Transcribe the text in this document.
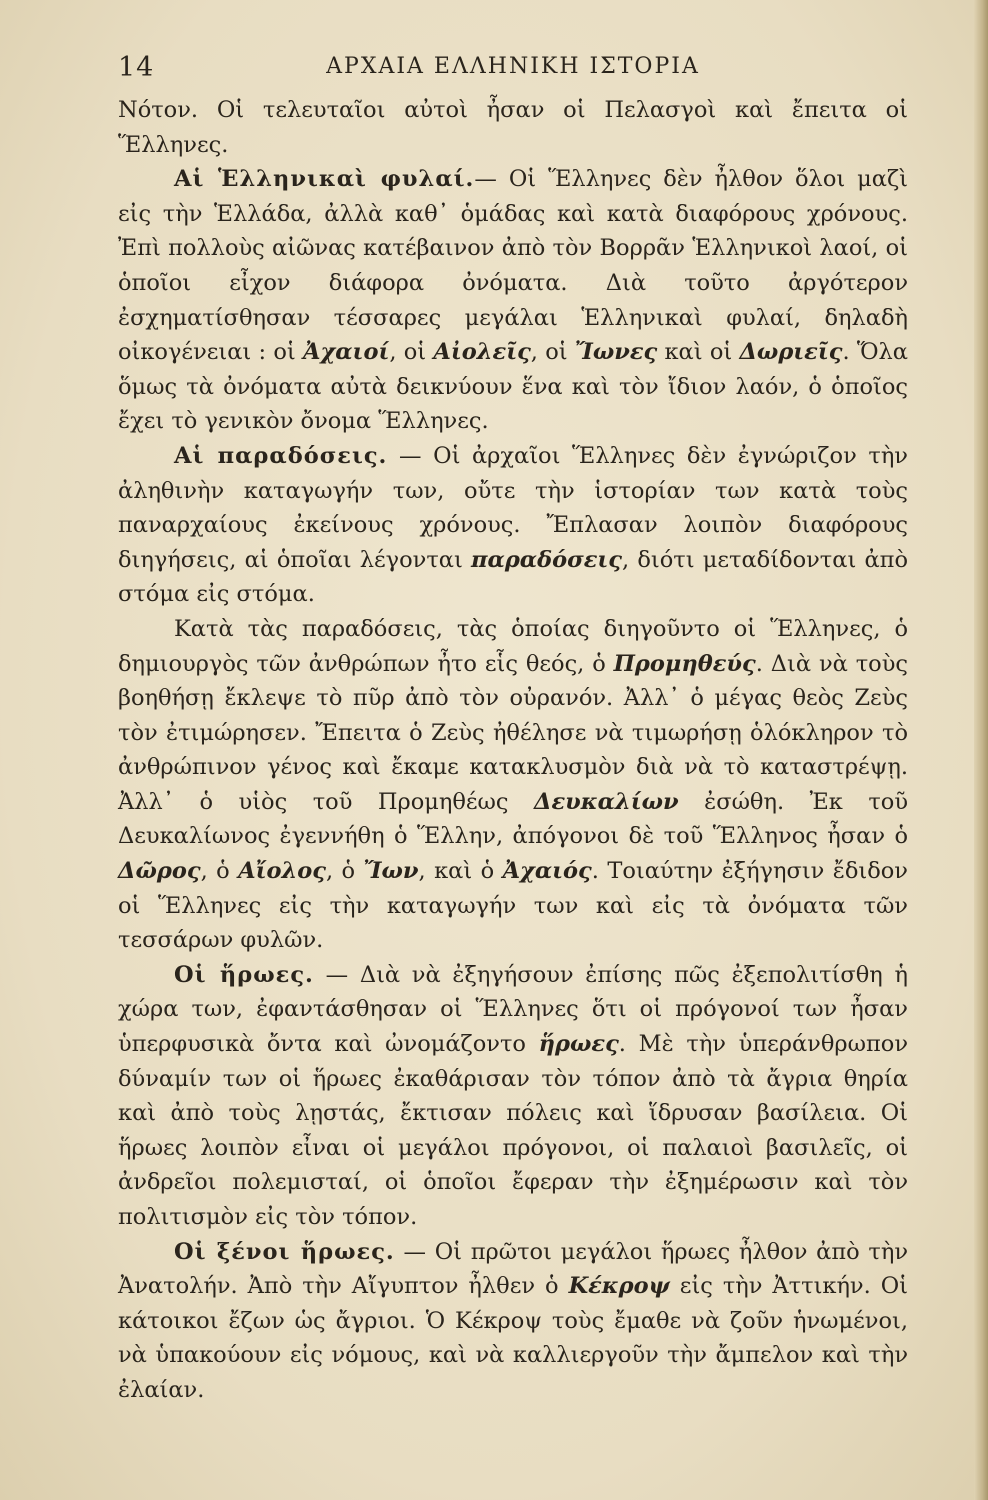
14	ΑΡΧΑΙΑ ΕΛΛΗΝΙΚΗ ΙΣΤΟΡΙΑ

Νότον. Οἱ τελευταῖοι αὐτοὶ ἦσαν οἱ Πελασγοὶ καὶ ἔπειτα οἱ Ἕλληνες.

Αἱ Ἑλληνικαὶ φυλαί.— Οἱ Ἕλληνες δὲν ἦλθον ὅλοι μαζὶ εἰς τὴν Ἑλλάδα, ἀλλὰ καθ᾽ ὁμάδας καὶ κατὰ διαφόρους χρόνους. Ἐπὶ πολλοὺς αἰῶνας κατέβαινον ἀπὸ τὸν Βορρᾶν Ἑλληνικοὶ λαοί, οἱ ὁποῖοι εἶχον διάφορα ὀνόματα. Διὰ τοῦτο ἀργότερον ἐσχηματίσθησαν τέσσαρες μεγάλαι Ἑλληνικαὶ φυλαί, δηλαδὴ οἰκογένειαι : οἱ Ἀχαιοί, οἱ Αἰολεῖς, οἱ Ἴωνες καὶ οἱ Δωριεῖς. Ὅλα ὅμως τὰ ὀνόματα αὐτὰ δεικνύουν ἕνα καὶ τὸν ἴδιον λαόν, ὁ ὁποῖος ἔχει τὸ γενικὸν ὄνομα Ἕλληνες.

Αἱ παραδόσεις. — Οἱ ἀρχαῖοι Ἕλληνες δὲν ἐγνώριζον τὴν ἀληθινὴν καταγωγήν των, οὔτε τὴν ἱστορίαν των κατὰ τοὺς παναρχαίους ἐκείνους χρόνους. Ἔπλασαν λοιπὸν διαφόρους διηγήσεις, αἱ ὁποῖαι λέγονται παραδόσεις, διότι μεταδίδονται ἀπὸ στόμα εἰς στόμα.

Κατὰ τὰς παραδόσεις, τὰς ὁποίας διηγοῦντο οἱ Ἕλληνες, ὁ δημιουργὸς τῶν ἀνθρώπων ἦτο εἷς θεός, ὁ Προμηθεύς. Διὰ νὰ τοὺς βοηθήσῃ ἔκλεψε τὸ πῦρ ἀπὸ τὸν οὐρανόν. Ἀλλ᾽ ὁ μέγας θεὸς Ζεὺς τὸν ἐτιμώρησεν. Ἔπειτα ὁ Ζεὺς ἠθέλησε νὰ τιμωρήσῃ ὁλόκληρον τὸ ἀνθρώπινον γένος καὶ ἔκαμε κατακλυσμὸν διὰ νὰ τὸ καταστρέψῃ. Ἀλλ᾽ ὁ υἱὸς τοῦ Προμηθέως Δευκαλίων ἐσώθη. Ἐκ τοῦ Δευκαλίωνος ἐγεννήθη ὁ Ἕλλην, ἀπόγονοι δὲ τοῦ Ἕλληνος ἦσαν ὁ Δῶρος, ὁ Αἴολος, ὁ Ἴων, καὶ ὁ Ἀχαιός. Τοιαύτην ἐξήγησιν ἔδιδον οἱ Ἕλληνες εἰς τὴν καταγωγήν των καὶ εἰς τὰ ὀνόματα τῶν τεσσάρων φυλῶν.

Οἱ ἥρωες. — Διὰ νὰ ἐξηγήσουν ἐπίσης πῶς ἐξεπολιτίσθη ἡ χώρα των, ἐφαντάσθησαν οἱ Ἕλληνες ὅτι οἱ πρόγονοί των ἦσαν ὑπερφυσικὰ ὄντα καὶ ὠνομάζοντο ἥρωες. Μὲ τὴν ὑπεράνθρωπον δύναμίν των οἱ ἥρωες ἐκαθάρισαν τὸν τόπον ἀπὸ τὰ ἄγρια θηρία καὶ ἀπὸ τοὺς λῃστάς, ἔκτισαν πόλεις καὶ ἵδρυσαν βασίλεια. Οἱ ἥρωες λοιπὸν εἶναι οἱ μεγάλοι πρόγονοι, οἱ παλαιοὶ βασιλεῖς, οἱ ἀνδρεῖοι πολεμισταί, οἱ ὁποῖοι ἔφεραν τὴν ἐξημέρωσιν καὶ τὸν πολιτισμὸν εἰς τὸν τόπον.

Οἱ ξένοι ἥρωες. — Οἱ πρῶτοι μεγάλοι ἥρωες ἦλθον ἀπὸ τὴν Ἀνατολήν. Ἀπὸ τὴν Αἴγυπτον ἦλθεν ὁ Κέκροψ εἰς τὴν Ἀττικήν. Οἱ κάτοικοι ἔζων ὡς ἄγριοι. Ὁ Κέκροψ τοὺς ἔμαθε νὰ ζοῦν ἡνωμένοι, νὰ ὑπακούουν εἰς νόμους, καὶ νὰ καλλιεργοῦν τὴν ἄμπελον καὶ τὴν ἐλαίαν.
